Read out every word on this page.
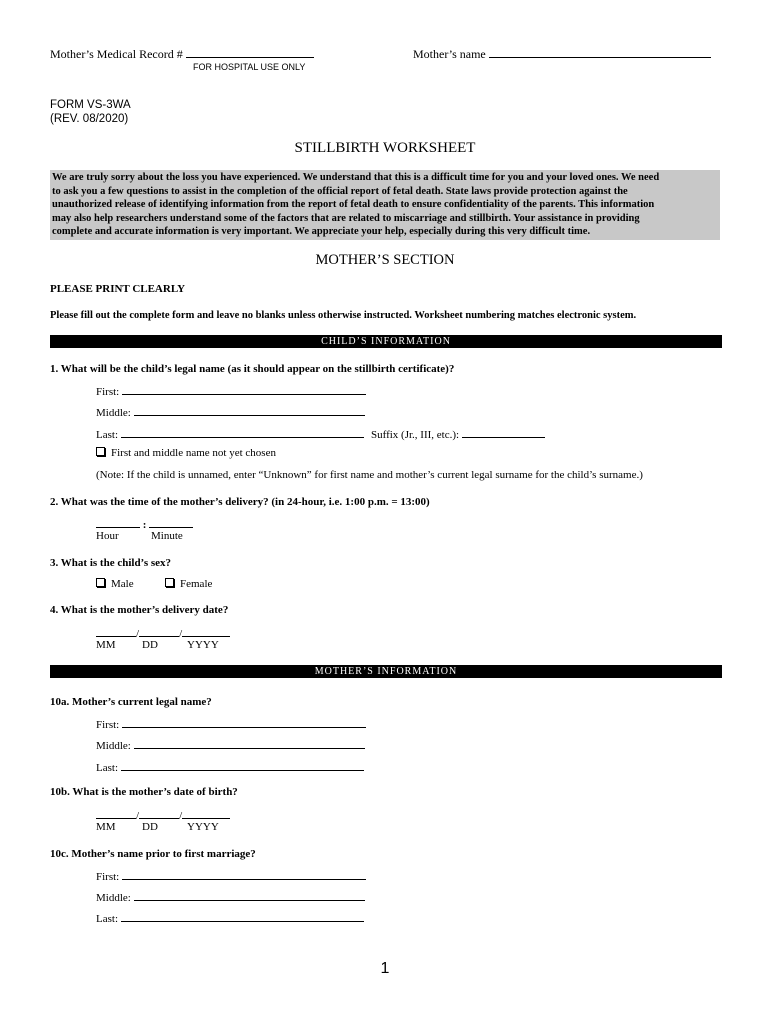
Mother’s Medical Record #
FOR HOSPITAL USE ONLY
Mother’s name
FORM VS-3WA
(REV. 08/2020)
STILLBIRTH WORKSHEET
We are truly sorry about the loss you have experienced. We understand that this is a difficult time for you and your loved ones. We need
to ask you a few questions to assist in the completion of the official report of fetal death. State laws provide protection against the
unauthorized release of identifying information from the report of fetal death to ensure confidentiality of the parents. This information
may also help researchers understand some of the factors that are related to miscarriage and stillbirth. Your assistance in providing
complete and accurate information is very important. We appreciate your help, especially during this very difficult time.
MOTHER’S SECTION
PLEASE PRINT CLEARLY
Please fill out the complete form and leave no blanks unless otherwise instructed. Worksheet numbering matches electronic system.
CHILD’S INFORMATION
1. What will be the child’s legal name (as it should appear on the stillbirth certificate)?
First:
Middle:
Last:	Suffix (Jr., III, etc.):
First and middle name not yet chosen
(Note: If the child is unnamed, enter “Unknown” for first name and mother’s current legal surname for the child’s surname.)
2. What was the time of the mother’s delivery? (in 24-hour, i.e. 1:00 p.m. = 13:00)
:
Hour	Minute
3. What is the child’s sex?
Male	Female
4. What is the mother’s delivery date?
/	/
MM DD	YYYY
MOTHER’S INFORMATION
10a. Mother’s current legal name?
First:
Middle:
Last:
10b. What is the mother’s date of birth?
/	/
MM DD	YYYY
10c. Mother’s name prior to first marriage?
First:
Middle:
Last:
1
